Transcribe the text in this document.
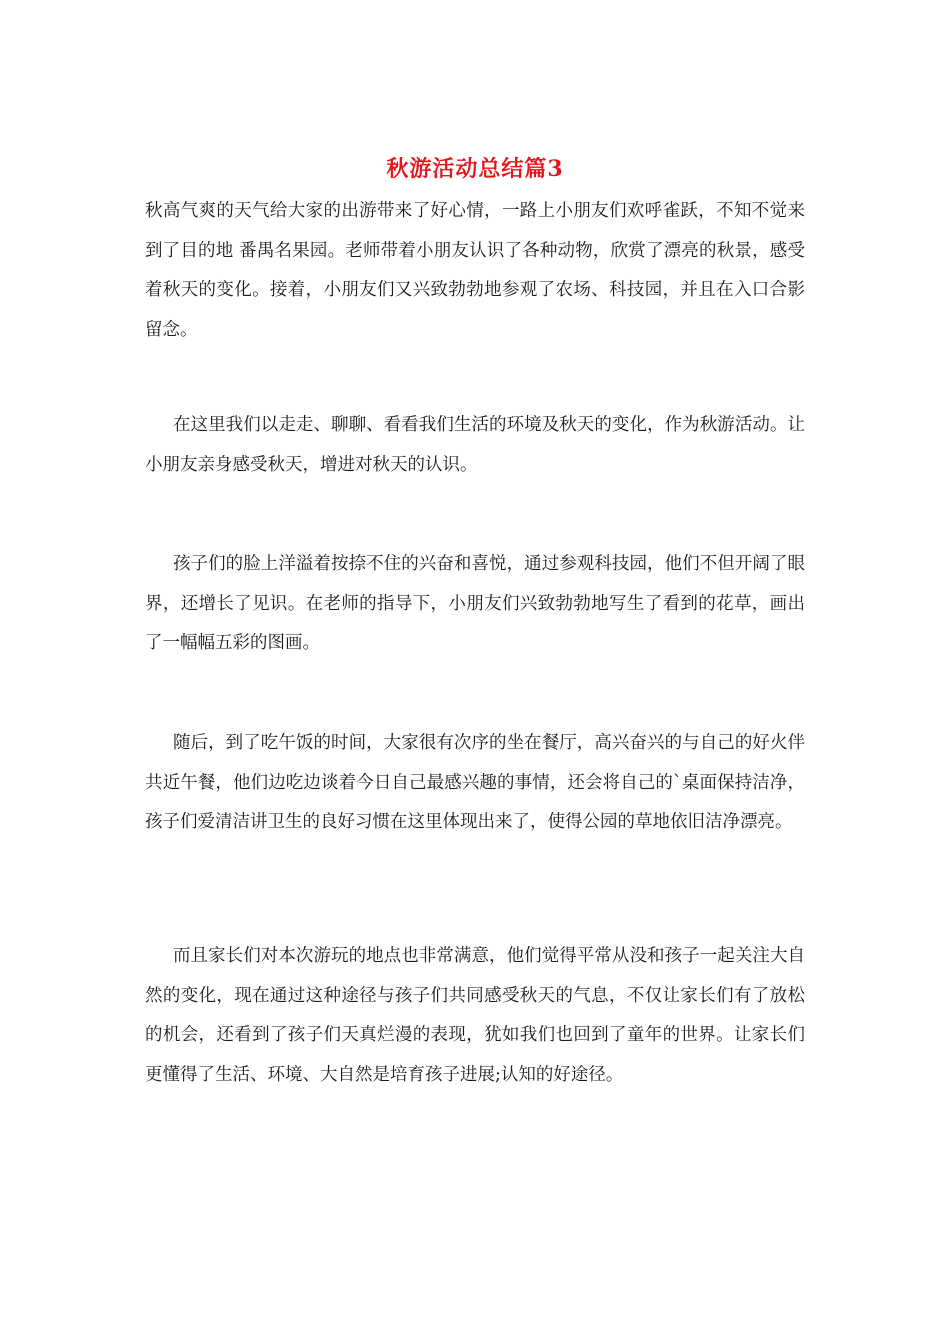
秋游活动总结篇3

秋高气爽的天气给大家的出游带来了好心情，一路上小朋友们欢呼雀跃，不知不觉来到了目的地 番禺名果园。老师带着小朋友认识了各种动物，欣赏了漂亮的秋景，感受着秋天的变化。接着，小朋友们又兴致勃勃地参观了农场、科技园，并且在入口合影留念。

在这里我们以走走、聊聊、看看我们生活的环境及秋天的变化，作为秋游活动。让小朋友亲身感受秋天，增进对秋天的认识。

孩子们的脸上洋溢着按捺不住的兴奋和喜悦，通过参观科技园，他们不但开阔了眼界，还增长了见识。在老师的指导下，小朋友们兴致勃勃地写生了看到的花草，画出了一幅幅五彩的图画。

随后，到了吃午饭的时间，大家很有次序的坐在餐厅，高兴奋兴的与自己的好火伴共近午餐，他们边吃边谈着今日自己最感兴趣的事情，还会将自己的`桌面保持洁净，孩子们爱清洁讲卫生的良好习惯在这里体现出来了，使得公园的草地依旧洁净漂亮。

而且家长们对本次游玩的地点也非常满意，他们觉得平常从没和孩子一起关注大自然的变化，现在通过这种途径与孩子们共同感受秋天的气息，不仅让家长们有了放松的机会，还看到了孩子们天真烂漫的表现，犹如我们也回到了童年的世界。让家长们更懂得了生活、环境、大自然是培育孩子进展;认知的好途径。
